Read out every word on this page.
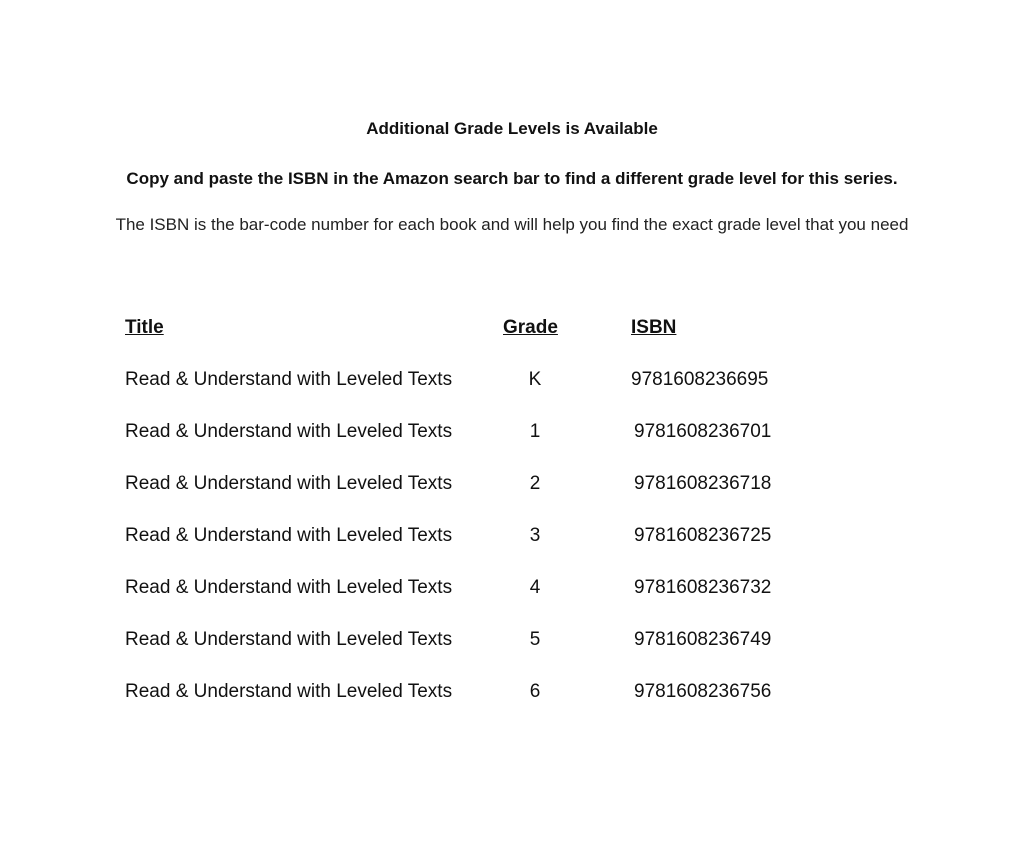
Additional Grade Levels is Available

Copy and paste the ISBN in the Amazon search bar to find a different grade level for this series.

The ISBN is the bar-code number for each book and will help you find the exact grade level that you need

Title	Grade	ISBN
Read & Understand with Leveled Texts	K	9781608236695
Read & Understand with Leveled Texts	1	9781608236701
Read & Understand with Leveled Texts	2	9781608236718
Read & Understand with Leveled Texts	3	9781608236725
Read & Understand with Leveled Texts	4	9781608236732
Read & Understand with Leveled Texts	5	9781608236749
Read & Understand with Leveled Texts	6	9781608236756
